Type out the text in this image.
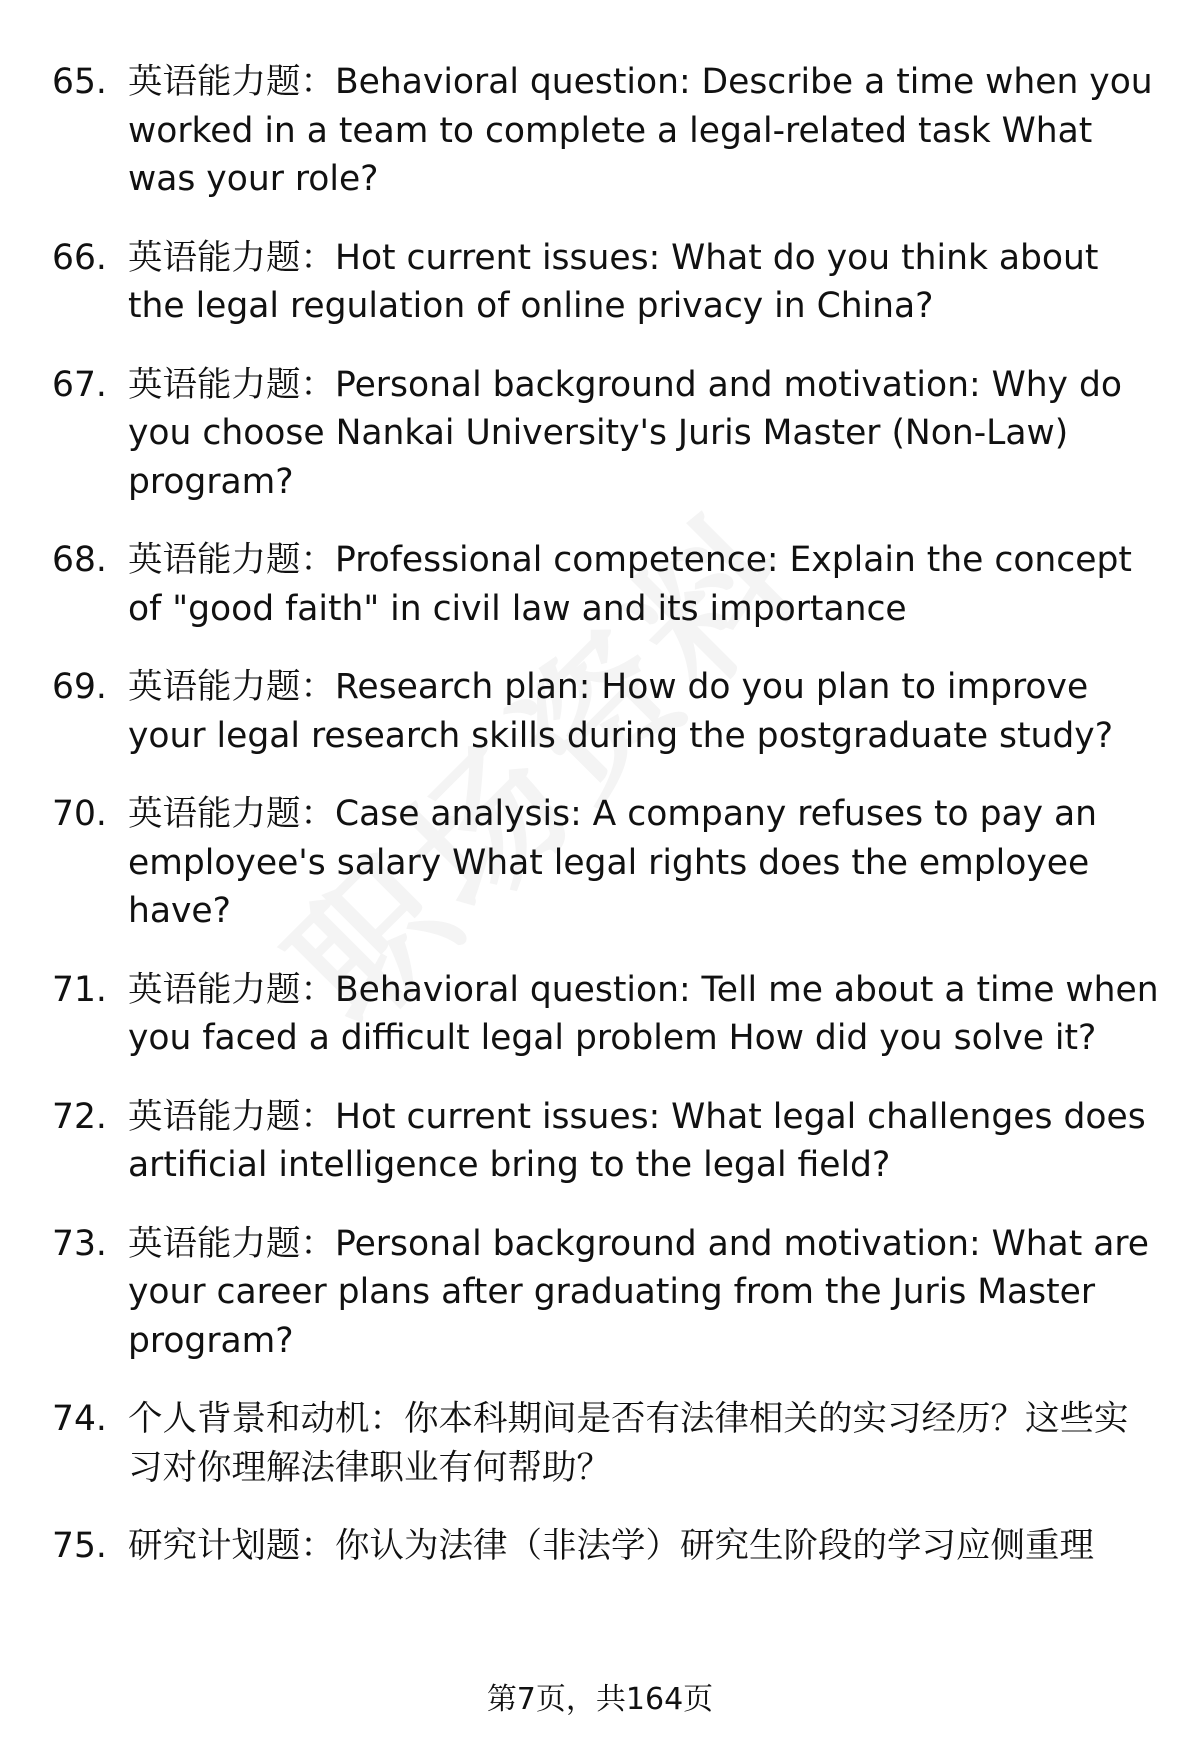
65. 英语能力题：Behavioral question: Describe a time when you worked in a team to complete a legal-related task What was your role?
66. 英语能力题：Hot current issues: What do you think about the legal regulation of online privacy in China?
67. 英语能力题：Personal background and motivation: Why do you choose Nankai University's Juris Master (Non-Law) program?
68. 英语能力题：Professional competence: Explain the concept of "good faith" in civil law and its importance
69. 英语能力题：Research plan: How do you plan to improve your legal research skills during the postgraduate study?
70. 英语能力题：Case analysis: A company refuses to pay an employee's salary What legal rights does the employee have?
71. 英语能力题：Behavioral question: Tell me about a time when you faced a difficult legal problem How did you solve it?
72. 英语能力题：Hot current issues: What legal challenges does artificial intelligence bring to the legal field?
73. 英语能力题：Personal background and motivation: What are your career plans after graduating from the Juris Master program?
74. 个人背景和动机：你本科期间是否有法律相关的实习经历？这些实习对你理解法律职业有何帮助？
75. 研究计划题：你认为法律（非法学）研究生阶段的学习应侧重理
第7页，共164页
